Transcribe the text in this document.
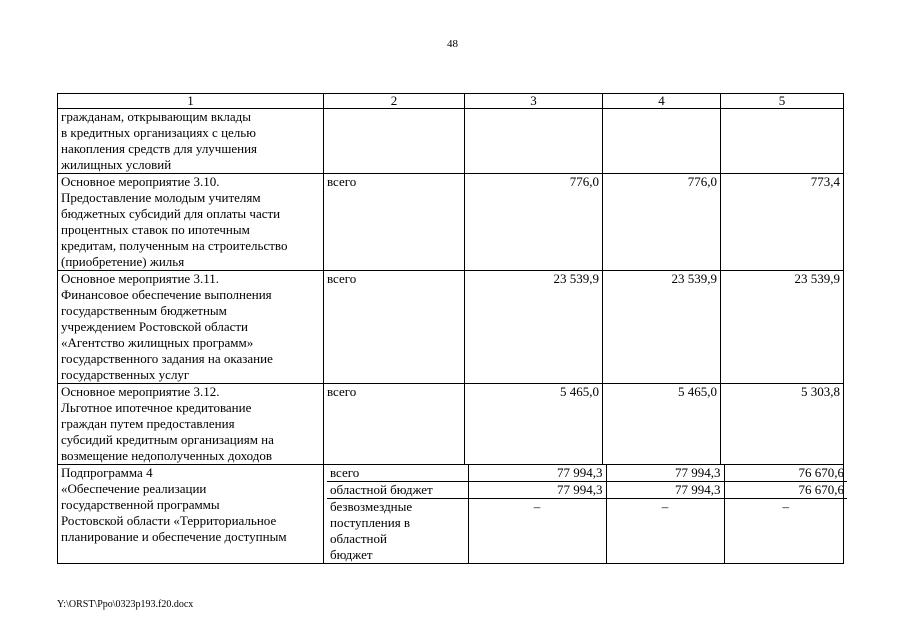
48
1	2	3	4	5

гражданам, открывающим вклады
в кредитных организациях с целью
накопления средств для улучшения
жилищных условий

Основное мероприятие 3.10.
Предоставление молодым учителям
бюджетных субсидий для оплаты части
процентных ставок по ипотечным
кредитам, полученным на строительство
(приобретение) жилья
	всего	776,0	776,0	773,4

Основное мероприятие 3.11.
Финансовое обеспечение выполнения
государственным бюджетным
учреждением Ростовской области
«Агентство жилищных программ»
государственного задания на оказание
государственных услуг
	всего	23 539,9	23 539,9	23 539,9

Основное мероприятие 3.12.
Льготное ипотечное кредитование
граждан путем предоставления
субсидий кредитным организациям на
возмещение недополученных доходов
	всего	5 465,0	5 465,0	5 303,8

Подпрограмма 4
«Обеспечение реализации
государственной программы
Ростовской области «Территориальное
планирование и обеспечение доступным

всего	77 994,3	77 994,3	76 670,6

областной бюджет	77 994,3	77 994,3	76 670,6

безвозмездные
поступления в областной
бюджет
	–	–	–
Y:\ORST\Ppo\0323p193.f20.docx
